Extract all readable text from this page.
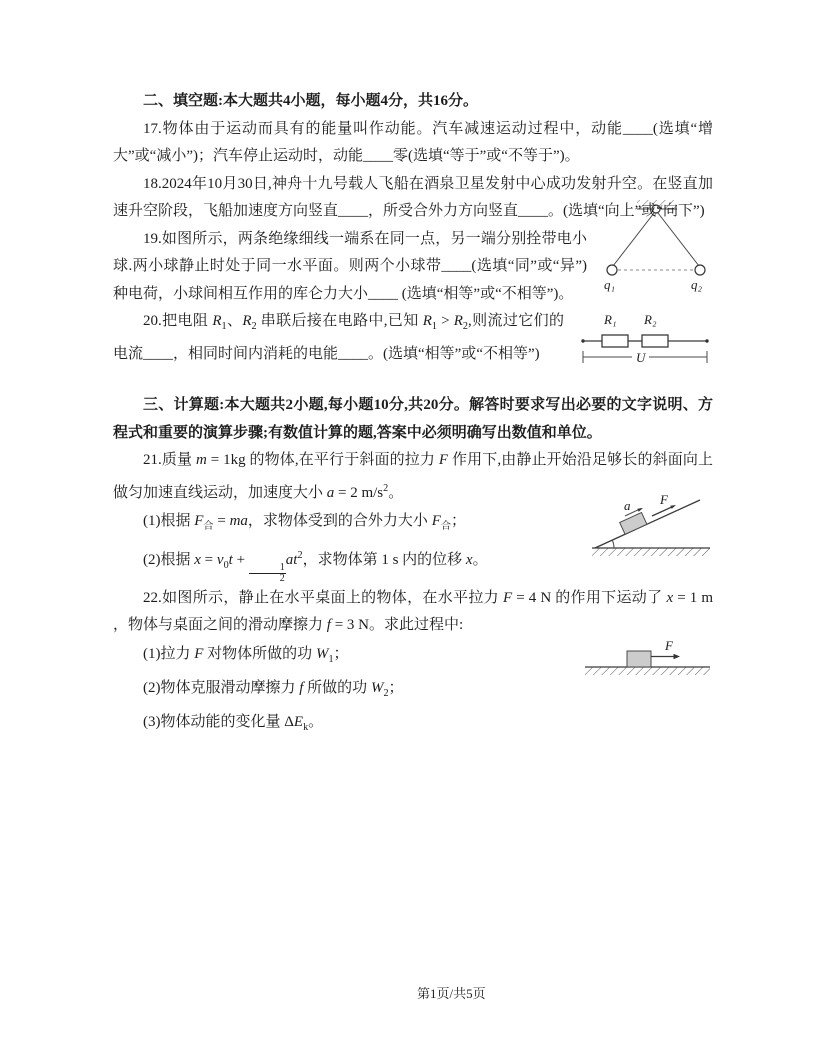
二、填空题:本大题共4小题，每小题4分，共16分。

17.物体由于运动而具有的能量叫作动能。汽车减速运动过程中，动能____(选填“增大”或“减小”)；汽车停止运动时，动能____零(选填“等于”或“不等于”)。

18.2024年10月30日,神舟十九号载人飞船在酒泉卫星发射中心成功发射升空。在竖直加速升空阶段，飞船加速度方向竖直____，所受合外力方向竖直____。(选填“向上”或“向下”)

q₁	q₂

19.如图所示，两条绝缘细线一端系在同一点，另一端分别拴带电小球.两小球静止时处于同一水平面。则两个小球带____(选填“同”或“异”)种电荷，小球间相互作用的库仑力大小____ (选填“相等”或“不相等”)。

R₁ R₂
U

20.把电阻 $R_1$、$R_2$ 串联后接在电路中,已知 $R_1 > R_2$,则流过它们的电流____，相同时间内消耗的电能____。(选填“相等”或“不相等”)

三、计算题:本大题共2小题,每小题10分,共20分。解答时要求写出必要的文字说明、方程式和重要的演算步骤;有数值计算的题,答案中必须明确写出数值和单位。

21.质量 m = 1kg 的物体,在平行于斜面的拉力 F 作用下,由静止开始沿足够长的斜面向上做匀加速直线运动，加速度大小 a = 2 $m/s^2$。

a F

(1)根据 $F_合$ = ma，求物体受到的合外力大小 $F_合$；

(2)根据 $x = v_0t$ +
$\frac{1}{2}$
$at^2$，求物体第 1 s 内的位移 x。

22.如图所示，静止在水平桌面上的物体，在水平拉力 F = 4 N 的作用下运动了 x = 1 m ，物体与桌面之间的滑动摩擦力 f = 3 N。求此过程中:

F

(1)拉力 F 对物体所做的功 $W_1$；

(2)物体克服滑动摩擦力 f 所做的功 $W_2$；

(3)物体动能的变化量 $\Delta E_k$。

第1页/共5页
